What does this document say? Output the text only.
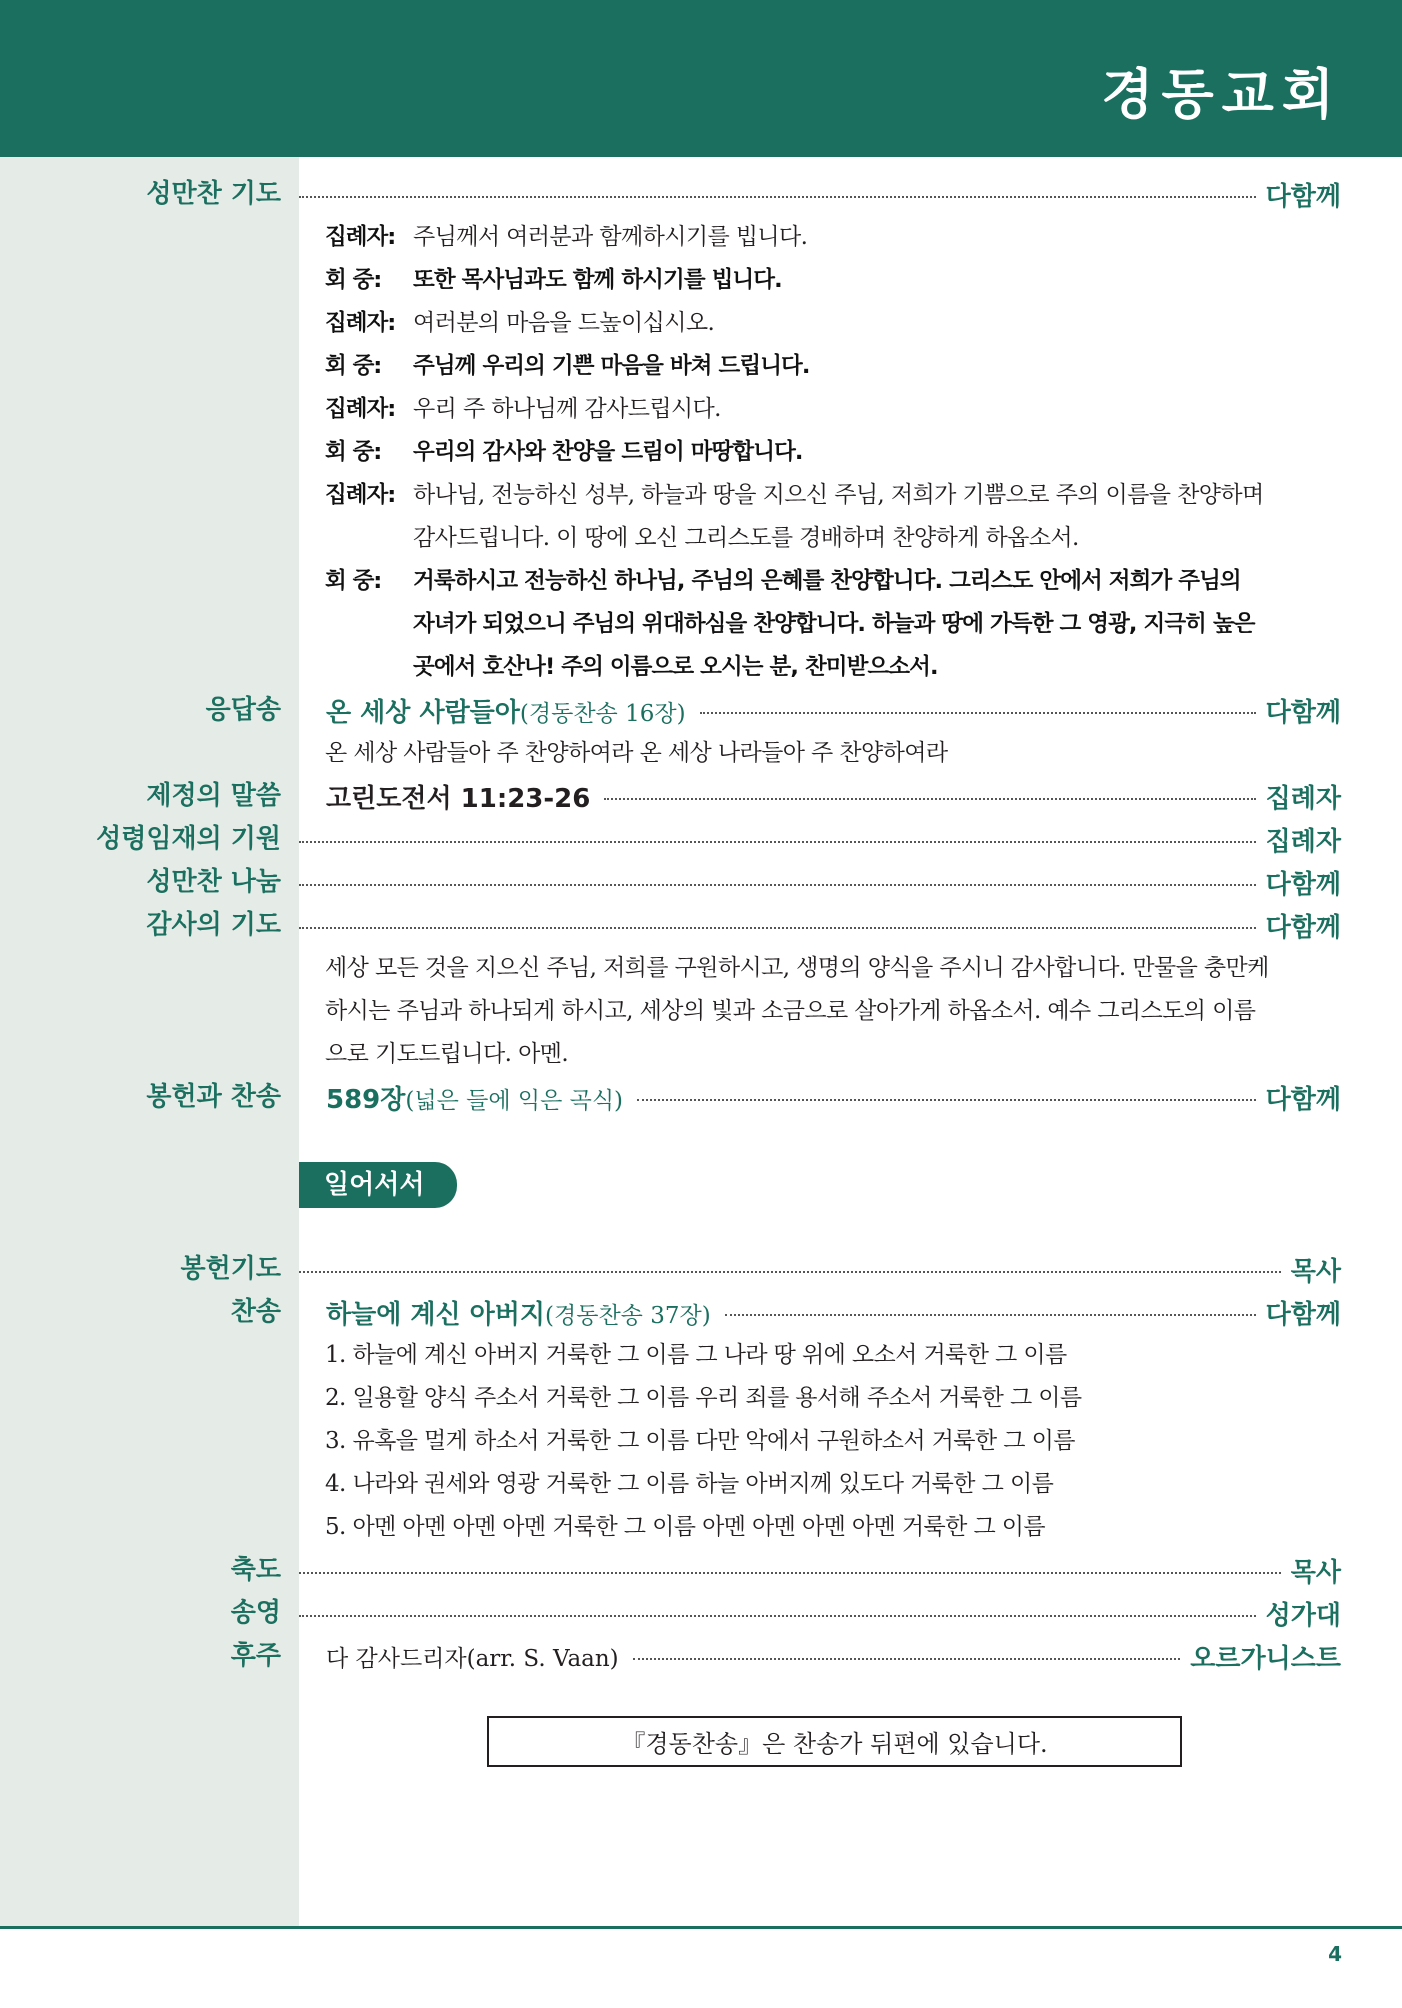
경동교회
성만찬 기도	다함께
집례자: 주님께서 여러분과 함께하시기를 빕니다.
회 중: 또한 목사님과도 함께 하시기를 빕니다.
집례자: 여러분의 마음을 드높이십시오.
회 중: 주님께 우리의 기쁜 마음을 바쳐 드립니다.
집례자: 우리 주 하나님께 감사드립시다.
회 중: 우리의 감사와 찬양을 드림이 마땅합니다.
집례자: 하나님, 전능하신 성부, 하늘과 땅을 지으신 주님, 저희가 기쁨으로 주의 이름을 찬양하며
감사드립니다. 이 땅에 오신 그리스도를 경배하며 찬양하게 하옵소서.
회 중: 거룩하시고 전능하신 하나님, 주님의 은혜를 찬양합니다. 그리스도 안에서 저희가 주님의
자녀가 되었으니 주님의 위대하심을 찬양합니다. 하늘과 땅에 가득한 그 영광, 지극히 높은
곳에서 호산나! 주의 이름으로 오시는 분, 찬미받으소서.
응답송	온 세상 사람들아(경동찬송 16장)	다함께
온 세상 사람들아 주 찬양하여라 온 세상 나라들아 주 찬양하여라
제정의 말씀	고린도전서 11:23-26	집례자
성령임재의 기원	집례자
성만찬 나눔	다함께
감사의 기도	다함께
세상 모든 것을 지으신 주님, 저희를 구원하시고, 생명의 양식을 주시니 감사합니다. 만물을 충만케
하시는 주님과 하나되게 하시고, 세상의 빛과 소금으로 살아가게 하옵소서. 예수 그리스도의 이름
으로 기도드립니다. 아멘.
봉헌과 찬송	589장(넓은 들에 익은 곡식)	다함께
일어서서
봉헌기도	목사
찬송	하늘에 계신 아버지(경동찬송 37장)	다함께
1. 하늘에 계신 아버지 거룩한 그 이름 그 나라 땅 위에 오소서 거룩한 그 이름
2. 일용할 양식 주소서 거룩한 그 이름 우리 죄를 용서해 주소서 거룩한 그 이름
3. 유혹을 멀게 하소서 거룩한 그 이름 다만 악에서 구원하소서 거룩한 그 이름
4. 나라와 권세와 영광 거룩한 그 이름 하늘 아버지께 있도다 거룩한 그 이름
5. 아멘 아멘 아멘 아멘 거룩한 그 이름 아멘 아멘 아멘 아멘 거룩한 그 이름
축도	목사
송영	성가대
후주	다 감사드리자(arr. S. Vaan)	오르가니스트
『경동찬송』은 찬송가 뒤편에 있습니다.
4
